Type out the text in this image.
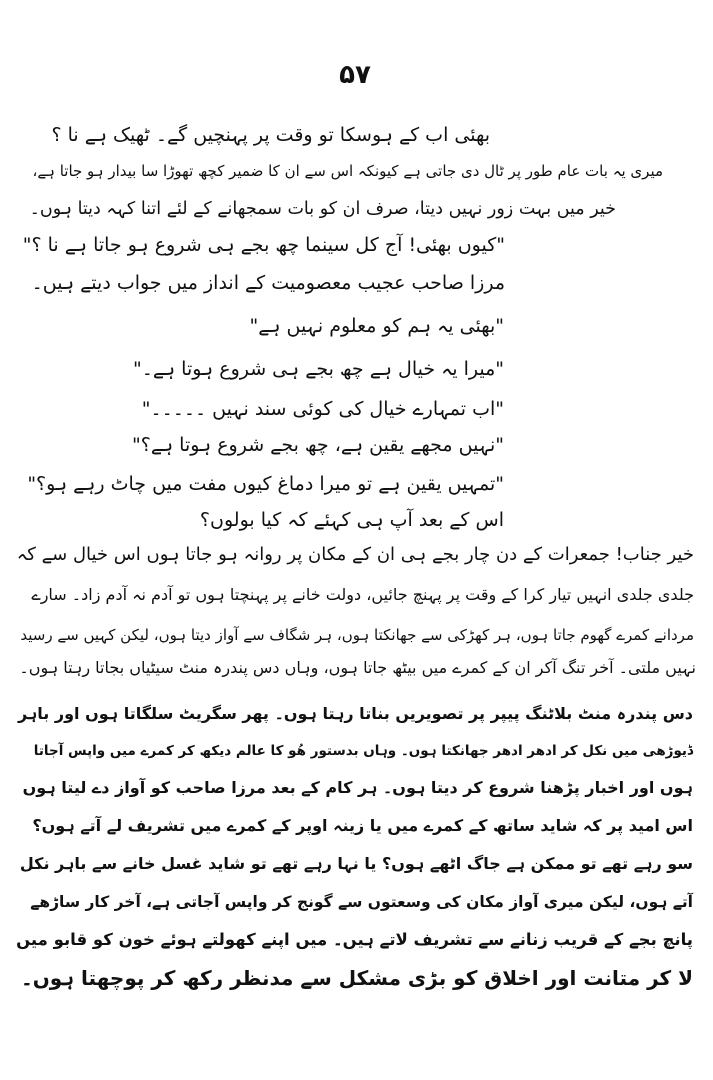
۵۷
بھئی اب کے ہوسکا تو وقت پر پہنچیں گے۔ ٹھیک ہے نا ؟
میری یہ بات عام طور پر ٹال دی جاتی ہے کیونکہ اس سے ان کا ضمیر کچھ تھوڑا سا بیدار ہو جاتا ہے،
خیر میں بہت زور نہیں دیتا، صرف ان کو بات سمجھانے کے لئے اتنا کہہ دیتا ہوں۔
"کیوں بھئی! آج کل سینما چھ بجے ہی شروع ہو جاتا ہے نا ؟"
مرزا صاحب عجیب معصومیت کے انداز میں جواب دیتے ہیں۔
"بھئی یہ ہم کو معلوم نہیں ہے"
"میرا یہ خیال ہے چھ بجے ہی شروع ہوتا ہے۔"
"اب تمہارے خیال کی کوئی سند نہیں ۔۔۔۔۔"
"نہیں مجھے یقین ہے، چھ بجے شروع ہوتا ہے؟"
"تمہیں یقین ہے تو میرا دماغ کیوں مفت میں چاٹ رہے ہو؟"
اس کے بعد آپ ہی کہئے کہ کیا بولوں؟
خیر جناب! جمعرات کے دن چار بجے ہی ان کے مکان پر روانہ ہو جاتا ہوں اس خیال سے کہ
جلدی جلدی انہیں تیار کرا کے وقت پر پہنچ جائیں، دولت خانے پر پہنچتا ہوں تو آدم نہ آدم زاد۔ سارے
مردانے کمرے گھوم جاتا ہوں، ہر کھڑکی سے جھانکتا ہوں، ہر شگاف سے آواز دیتا ہوں، لیکن کہیں سے رسید
نہیں ملتی۔ آخر تنگ آکر ان کے کمرے میں بیٹھ جاتا ہوں، وہاں دس پندرہ منٹ سیٹیاں بجاتا رہتا ہوں۔
دس پندرہ منٹ بلاٹنگ پیپر پر تصویریں بناتا رہتا ہوں۔ پھر سگریٹ سلگاتا ہوں اور باہر
ڈیوڑھی میں نکل کر ادھر ادھر جھانکتا ہوں۔ وہاں بدستور ھُو کا عالم دیکھ کر کمرے میں واپس آجاتا
ہوں اور اخبار پڑھنا شروع کر دیتا ہوں۔ ہر کام کے بعد مرزا صاحب کو آواز دے لیتا ہوں
اس امید پر کہ شاید ساتھ کے کمرے میں یا زینہ اوپر کے کمرے میں تشریف لے آتے ہوں؟
سو رہے تھے تو ممکن ہے جاگ اٹھے ہوں؟ یا نہا رہے تھے تو شاید غسل خانے سے باہر نکل
آتے ہوں، لیکن میری آواز مکان کی وسعتوں سے گونج کر واپس آجاتی ہے، آخر کار ساڑھے
پانچ بجے کے قریب زنانے سے تشریف لاتے ہیں۔ میں اپنے کھولتے ہوئے خون کو قابو میں
لا کر متانت اور اخلاق کو بڑی مشکل سے مدنظر رکھ کر پوچھتا ہوں۔
